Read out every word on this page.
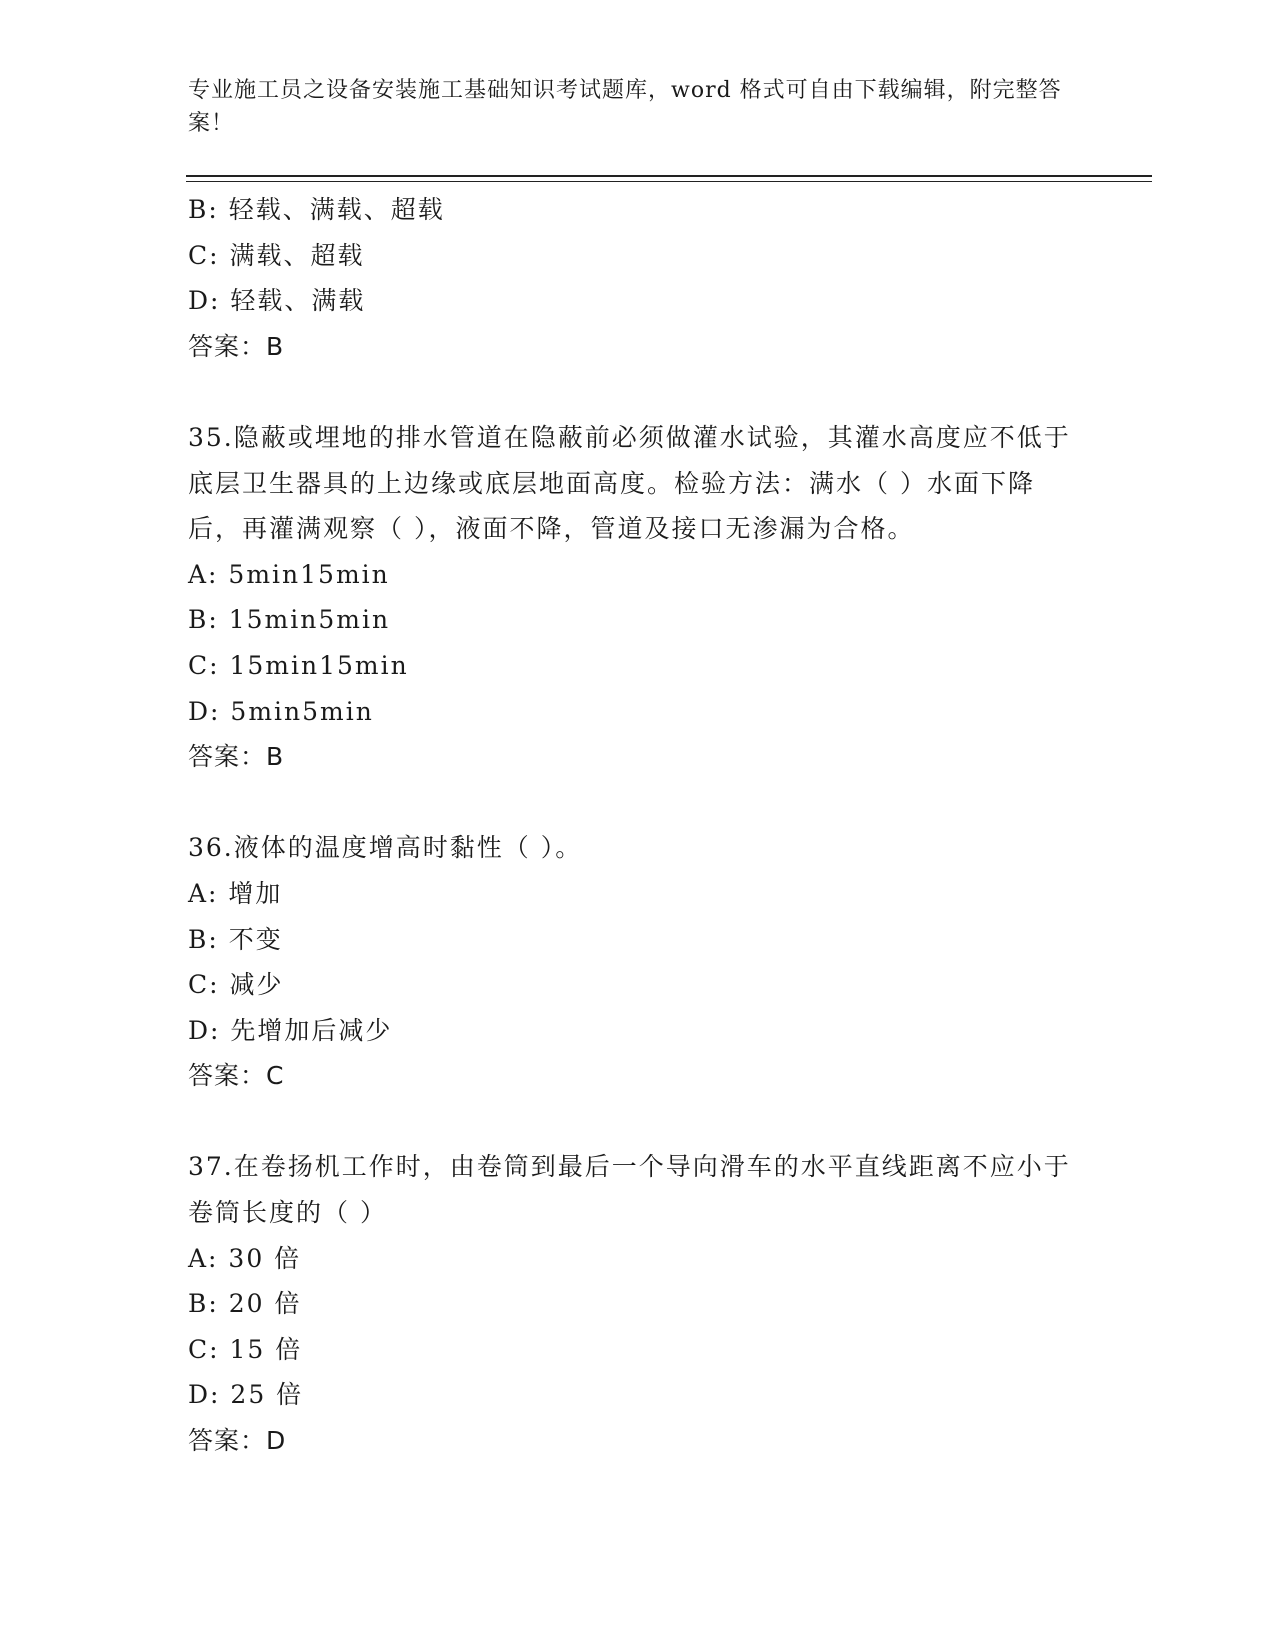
专业施工员之设备安装施工基础知识考试题库，word 格式可自由下载编辑，附完整答案！
B: 轻载、满载、超载
C: 满载、超载
D: 轻载、满载
答案：B
35.隐蔽或埋地的排水管道在隐蔽前必须做灌水试验，其灌水高度应不低于底层卫生器具的上边缘或底层地面高度。检验方法：满水（ ）水面下降后，再灌满观察（ ），液面不降，管道及接口无渗漏为合格。
A: 5min15min
B: 15min5min
C: 15min15min
D: 5min5min
答案：B
36.液体的温度增高时黏性（ ）。
A: 增加
B: 不变
C: 减少
D: 先增加后减少
答案：C
37.在卷扬机工作时，由卷筒到最后一个导向滑车的水平直线距离不应小于卷筒长度的（ ）
A: 30 倍
B: 20 倍
C: 15 倍
D: 25 倍
答案：D
